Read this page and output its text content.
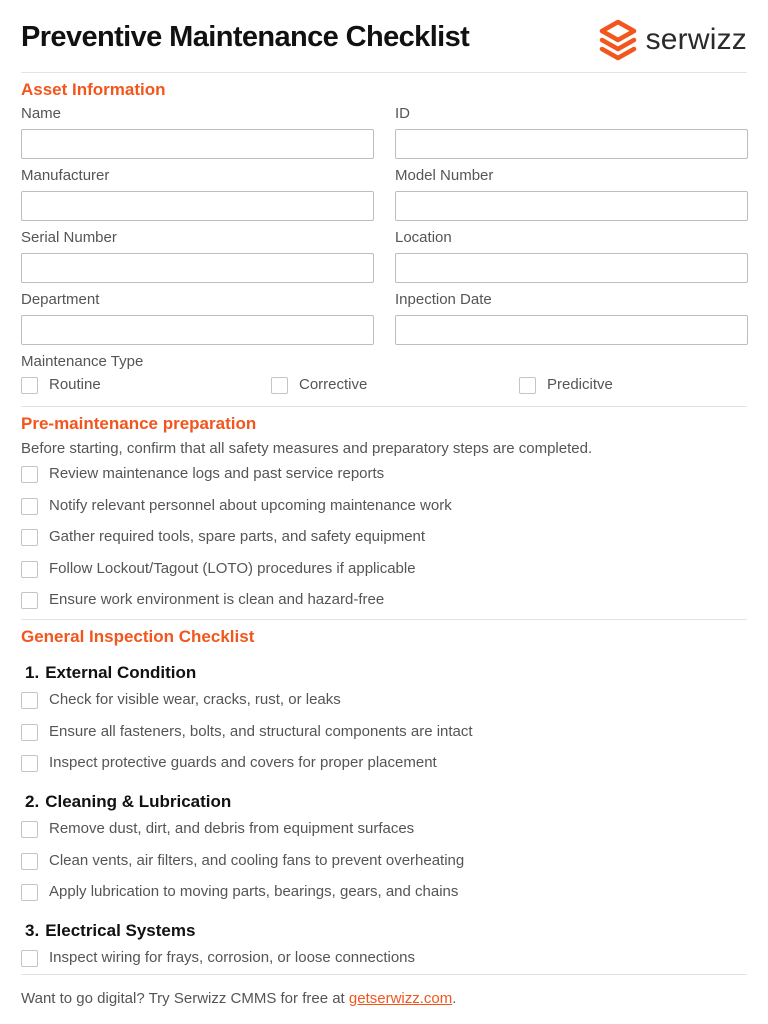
Preventive Maintenance Checklist	serwizz
Asset Information
Name	ID
Manufacturer	Model Number
Serial Number	Location
Department	Inpection Date
Maintenance Type
Routine	Corrective	Predicitve
Pre-maintenance preparation
Before starting, confirm that all safety measures and preparatory steps are completed.
Review maintenance logs and past service reports
Notify relevant personnel about upcoming maintenance work
Gather required tools, spare parts, and safety equipment
Follow Lockout/Tagout (LOTO) procedures if applicable
Ensure work environment is clean and hazard-free
General Inspection Checklist
1. External Condition
Check for visible wear, cracks, rust, or leaks
Ensure all fasteners, bolts, and structural components are intact
Inspect protective guards and covers for proper placement
2. Cleaning & Lubrication
Remove dust, dirt, and debris from equipment surfaces
Clean vents, air filters, and cooling fans to prevent overheating
Apply lubrication to moving parts, bearings, gears, and chains
3. Electrical Systems
Inspect wiring for frays, corrosion, or loose connections
Want to go digital? Try Serwizz CMMS for free at getserwizz.com.
